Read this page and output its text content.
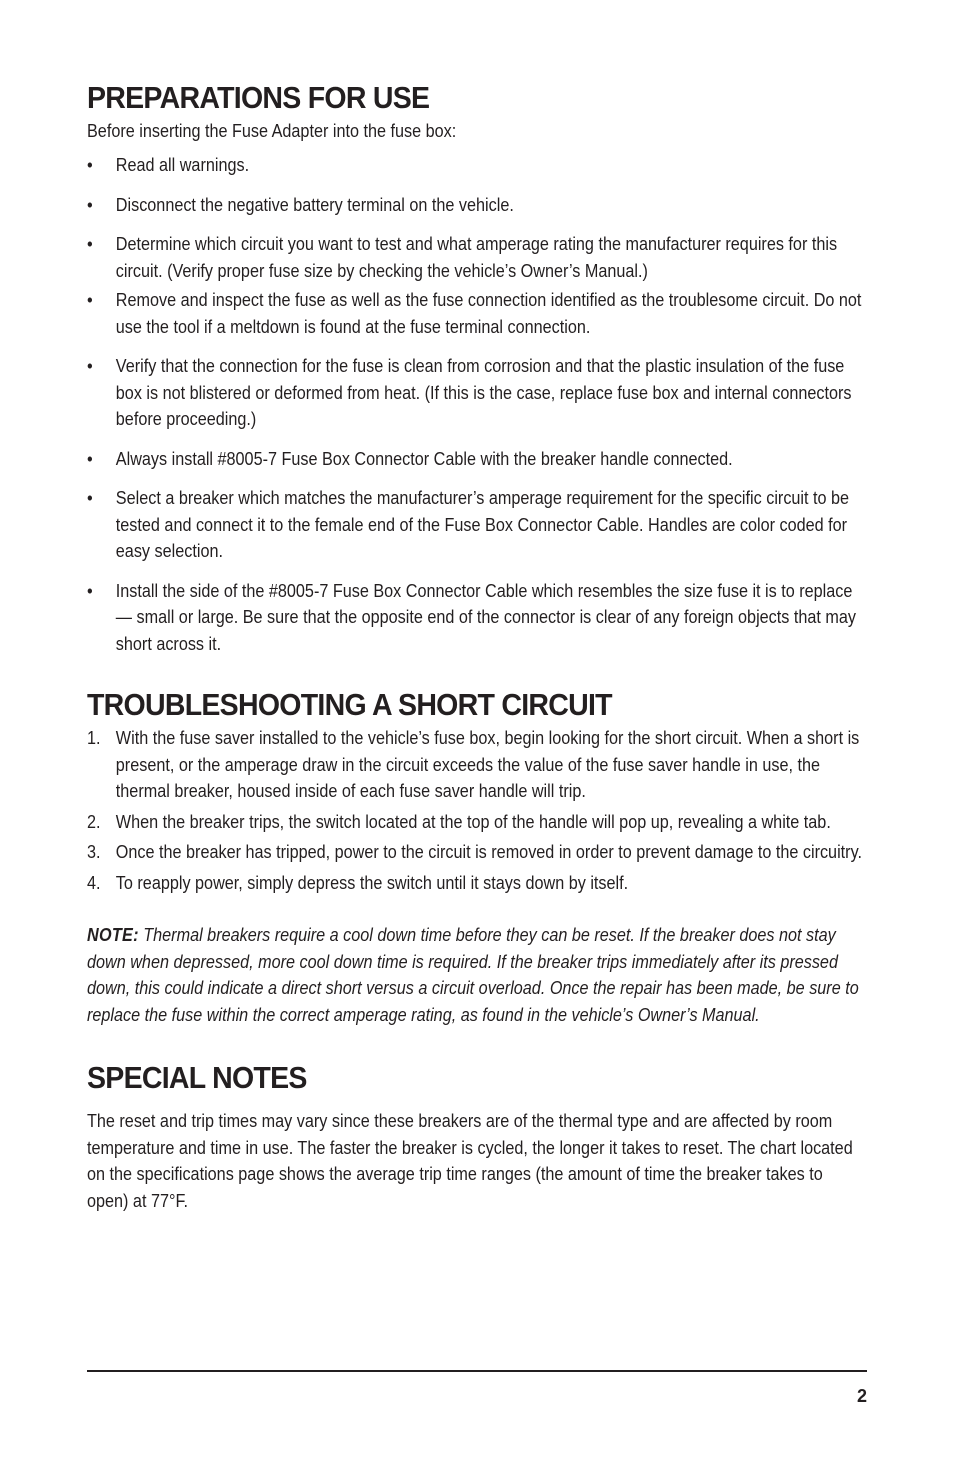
PREPARATIONS FOR USE

Before inserting the Fuse Adapter into the fuse box:

• Read all warnings.
• Disconnect the negative battery terminal on the vehicle.
• Determine which circuit you want to test and what amperage rating the manufacturer requires for this circuit. (Verify proper fuse size by checking the vehicle’s Owner’s Manual.)
• Remove and inspect the fuse as well as the fuse connection identified as the troublesome circuit. Do not use the tool if a meltdown is found at the fuse terminal connection.
• Verify that the connection for the fuse is clean from corrosion and that the plastic insulation of the fuse box is not blistered or deformed from heat. (If this is the case, replace fuse box and internal connectors before proceeding.)
• Always install #8005-7 Fuse Box Connector Cable with the breaker handle connected.
• Select a breaker which matches the manufacturer’s amperage requirement for the specific circuit to be tested and connect it to the female end of the Fuse Box Connector Cable. Handles are color coded for easy selection.
• Install the side of the #8005-7 Fuse Box Connector Cable which resembles the size fuse it is to replace — small or large. Be sure that the opposite end of the connector is clear of any foreign objects that may short across it.
TROUBLESHOOTING A SHORT CIRCUIT
1. With the fuse saver installed to the vehicle’s fuse box, begin looking for the short circuit. When a short is present, or the amperage draw in the circuit exceeds the value of the fuse saver handle in use, the thermal breaker, housed inside of each fuse saver handle will trip.
2. When the breaker trips, the switch located at the top of the handle will pop up, revealing a white tab.
3. Once the breaker has tripped, power to the circuit is removed in order to prevent damage to the circuitry.
4. To reapply power, simply depress the switch until it stays down by itself.

NOTE: Thermal breakers require a cool down time before they can be reset. If the breaker does not stay down when depressed, more cool down time is required. If the breaker trips immediately after its pressed down, this could indicate a direct short versus a circuit overload. Once the repair has been made, be sure to replace the fuse within the correct amperage rating, as found in the vehicle’s Owner’s Manual.

SPECIAL NOTES

The reset and trip times may vary since these breakers are of the thermal type and are affected by room temperature and time in use. The faster the breaker is cycled, the longer it takes to reset. The chart located on the specifications page shows the average trip time ranges (the amount of time the breaker takes to open) at 77°F.

2
